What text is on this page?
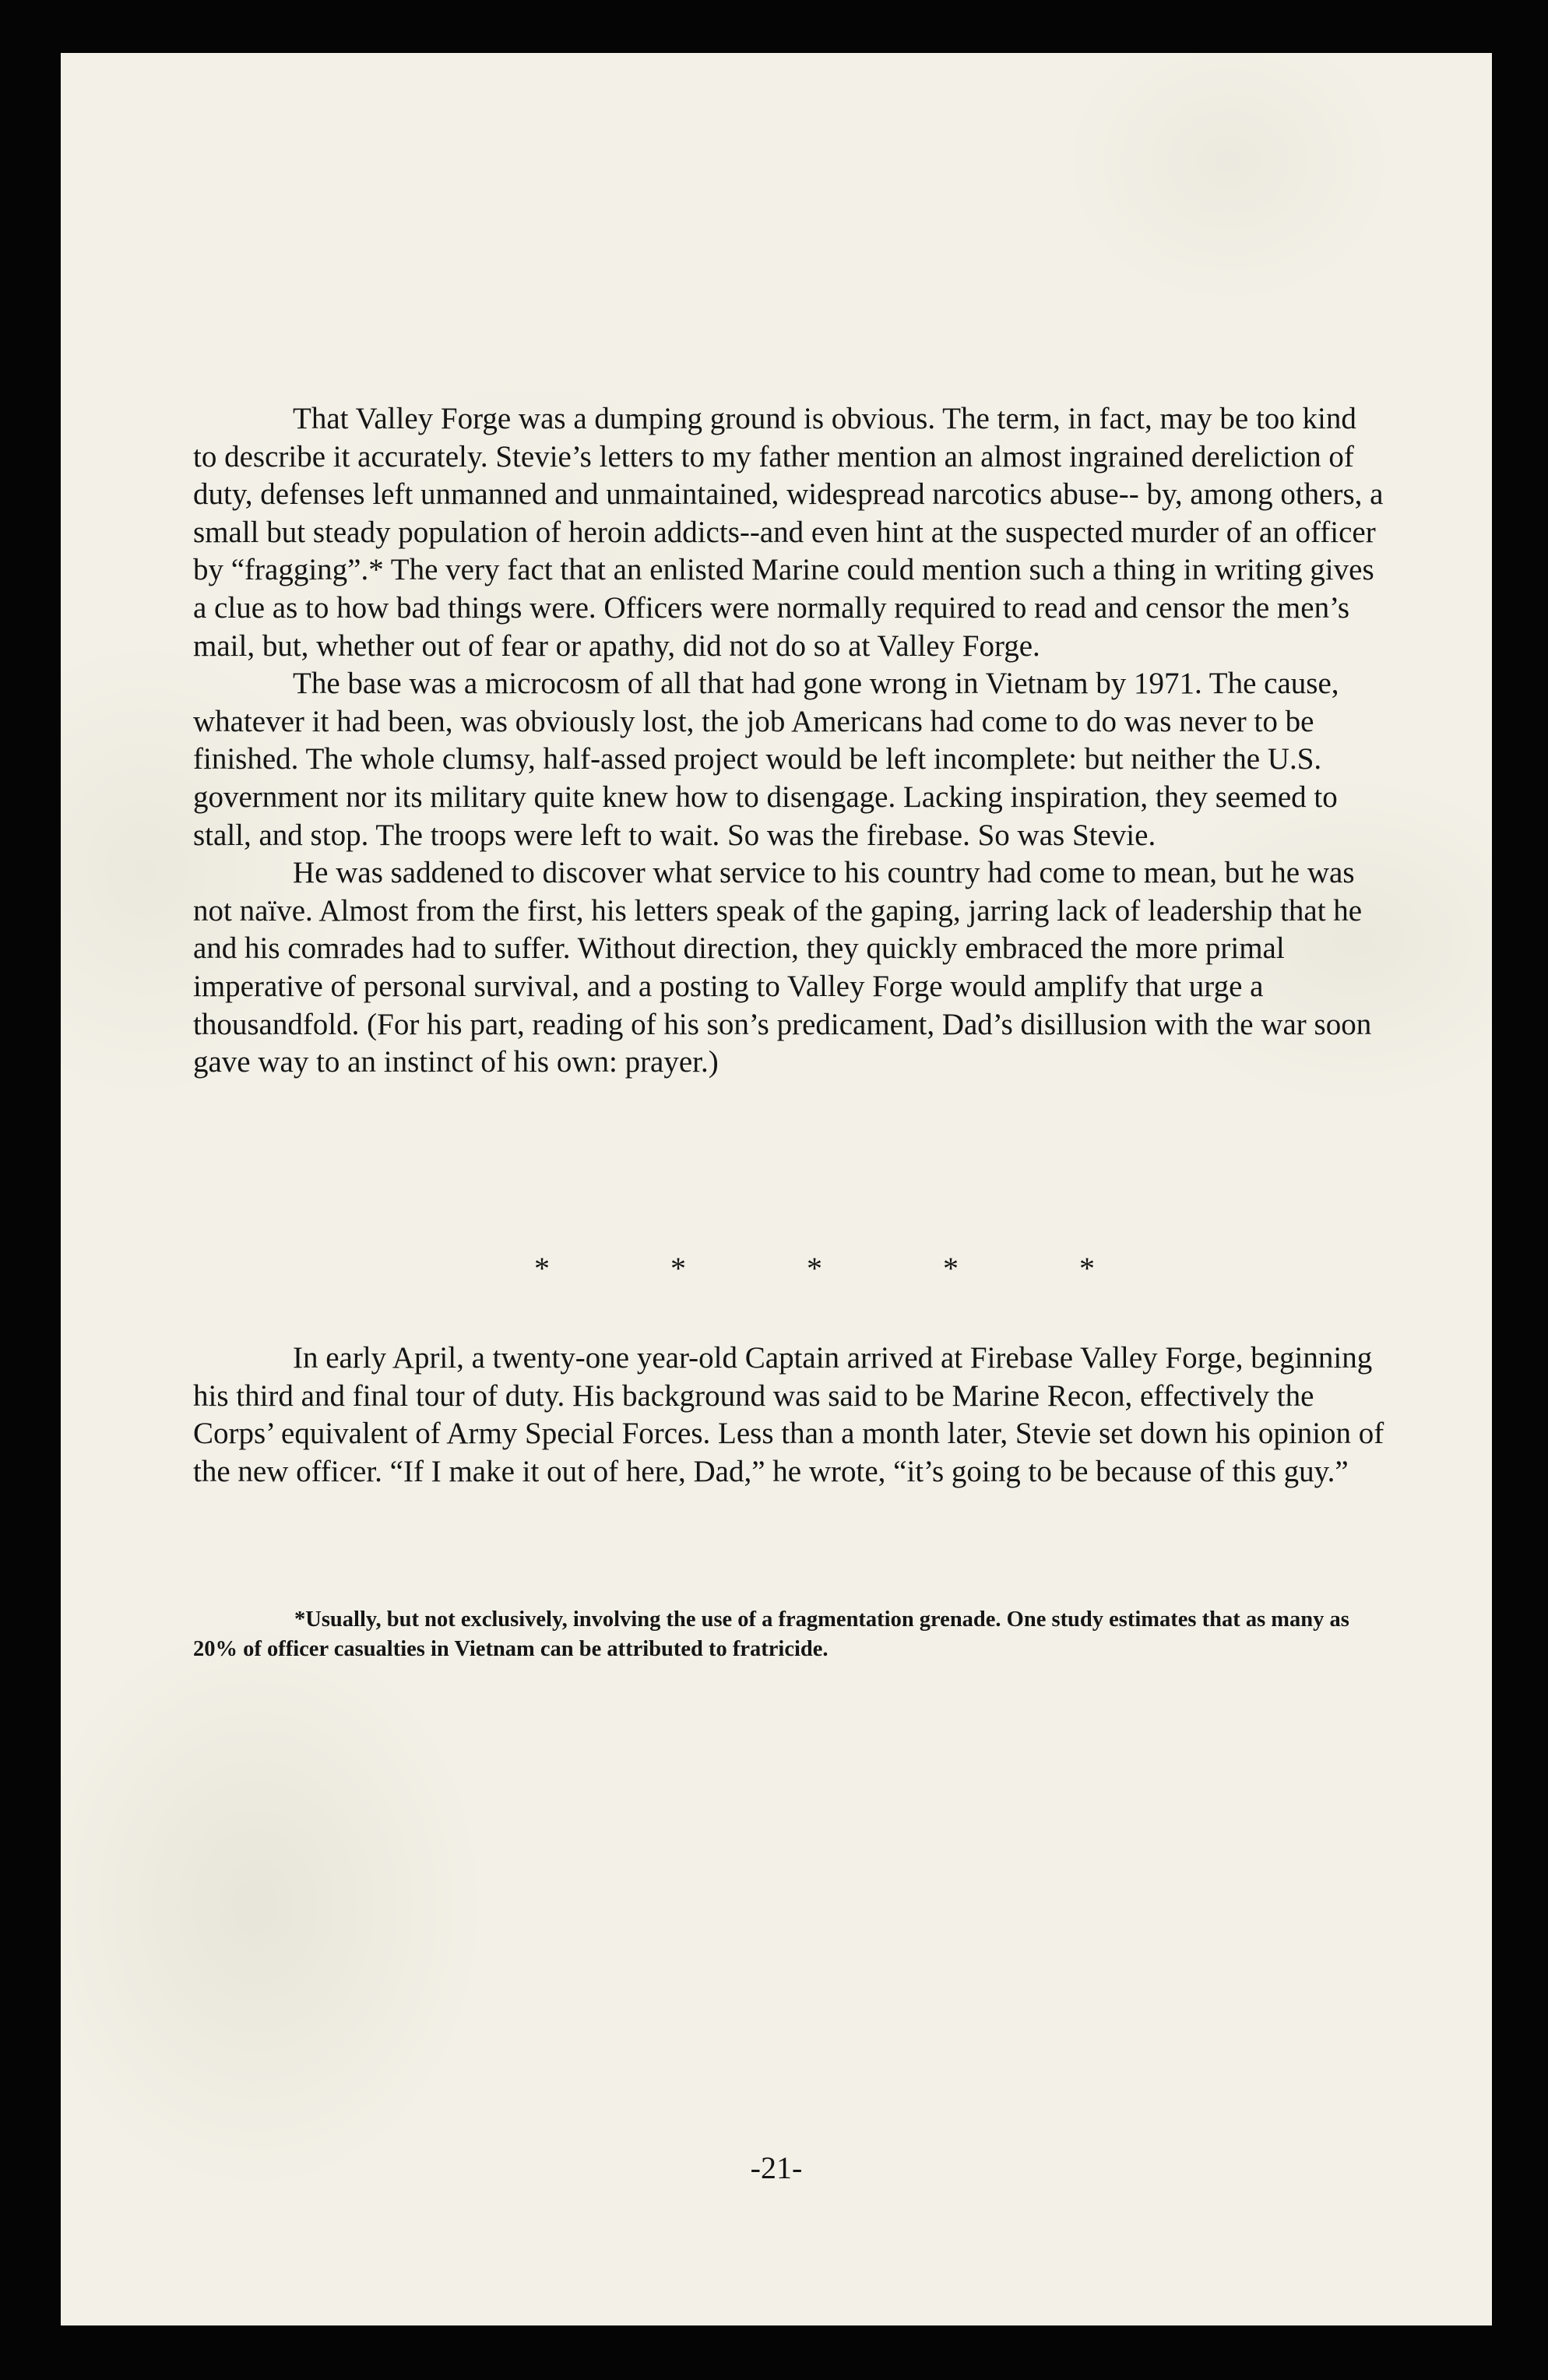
That Valley Forge was a dumping ground is obvious. The term, in fact, may be too kind to describe it accurately. Stevie’s letters to my father mention an almost ingrained dereliction of duty, defenses left unmanned and unmaintained, widespread narcotics abuse-- by, among others, a small but steady population of heroin addicts--and even hint at the suspected murder of an officer by “fragging”.* The very fact that an enlisted Marine could mention such a thing in writing gives a clue as to how bad things were. Officers were normally required to read and censor the men’s mail, but, whether out of fear or apathy, did not do so at Valley Forge.

The base was a microcosm of all that had gone wrong in Vietnam by 1971. The cause, whatever it had been, was obviously lost, the job Americans had come to do was never to be finished. The whole clumsy, half-assed project would be left incomplete: but neither the U.S. government nor its military quite knew how to disengage. Lacking inspiration, they seemed to stall, and stop. The troops were left to wait. So was the firebase. So was Stevie.

He was saddened to discover what service to his country had come to mean, but he was not naïve. Almost from the first, his letters speak of the gaping, jarring lack of leadership that he and his comrades had to suffer. Without direction, they quickly embraced the more primal imperative of personal survival, and a posting to Valley Forge would amplify that urge a thousandfold. (For his part, reading of his son’s predicament, Dad’s disillusion with the war soon gave way to an instinct of his own: prayer.)

*	*	*	*	*

In early April, a twenty-one year-old Captain arrived at Firebase Valley Forge, beginning his third and final tour of duty. His background was said to be Marine Recon, effectively the Corps’ equivalent of Army Special Forces. Less than a month later, Stevie set down his opinion of the new officer. “If I make it out of here, Dad,” he wrote, “it’s going to be because of this guy.”

*Usually, but not exclusively, involving the use of a fragmentation grenade. One study estimates that as many as 20% of officer casualties in Vietnam can be attributed to fratricide.

-21-
